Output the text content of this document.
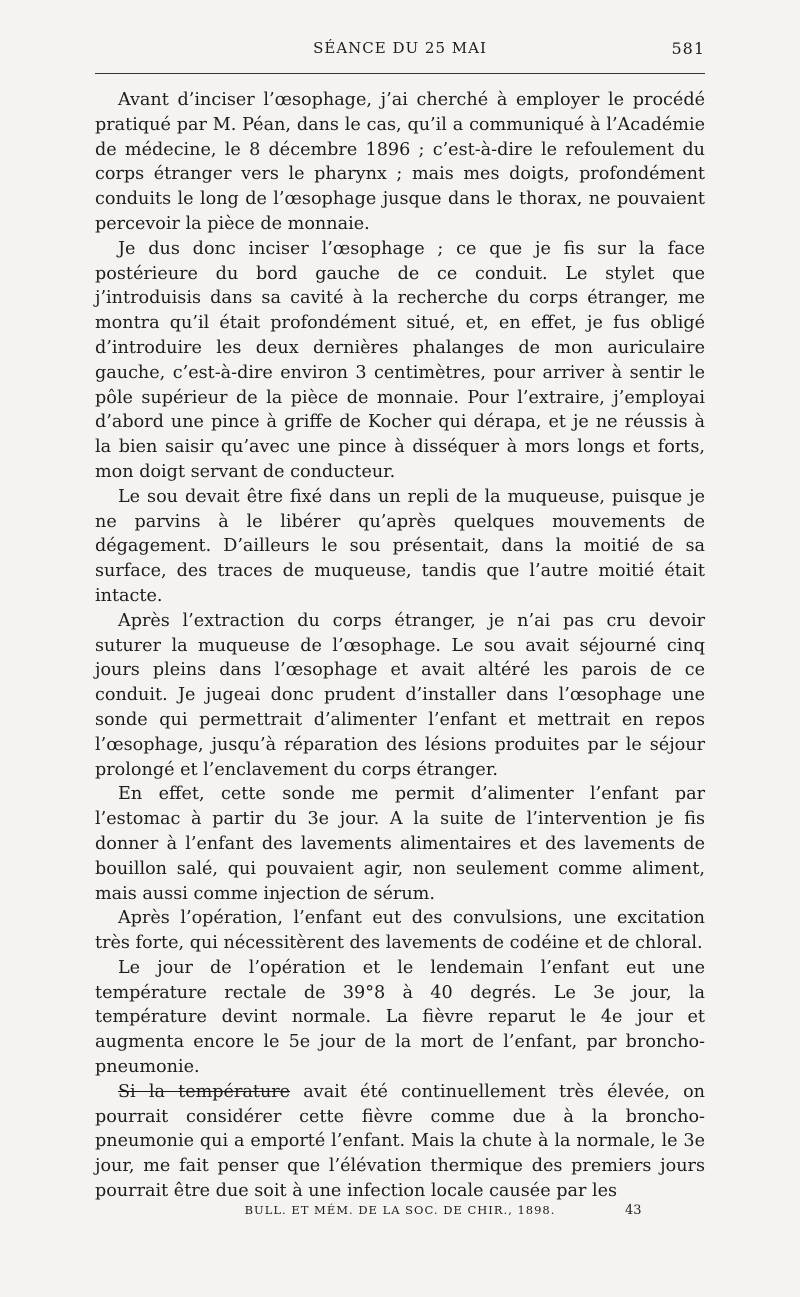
SÉANCE DU 25 MAI	581

Avant d’inciser l’œsophage, j’ai cherché à employer le procédé pratiqué par M. Péan, dans le cas, qu’il a communiqué à l’Académie de médecine, le 8 décembre 1896 ; c’est-à-dire le refoulement du corps étranger vers le pharynx ; mais mes doigts, profondément conduits le long de l’œsophage jusque dans le thorax, ne pouvaient percevoir la pièce de monnaie.

Je dus donc inciser l’œsophage ; ce que je fis sur la face postérieure du bord gauche de ce conduit. Le stylet que j’introduisis dans sa cavité à la recherche du corps étranger, me montra qu’il était profondément situé, et, en effet, je fus obligé d’introduire les deux dernières phalanges de mon auriculaire gauche, c’est-à-dire environ 3 centimètres, pour arriver à sentir le pôle supérieur de la pièce de monnaie. Pour l’extraire, j’employai d’abord une pince à griffe de Kocher qui dérapa, et je ne réussis à la bien saisir qu’avec une pince à disséquer à mors longs et forts, mon doigt servant de conducteur.

Le sou devait être fixé dans un repli de la muqueuse, puisque je ne parvins à le libérer qu’après quelques mouvements de dégagement. D’ailleurs le sou présentait, dans la moitié de sa surface, des traces de muqueuse, tandis que l’autre moitié était intacte.

Après l’extraction du corps étranger, je n’ai pas cru devoir suturer la muqueuse de l’œsophage. Le sou avait séjourné cinq jours pleins dans l’œsophage et avait altéré les parois de ce conduit. Je jugeai donc prudent d’installer dans l’œsophage une sonde qui permettrait d’alimenter l’enfant et mettrait en repos l’œsophage, jusqu’à réparation des lésions produites par le séjour prolongé et l’enclavement du corps étranger.

En effet, cette sonde me permit d’alimenter l’enfant par l’estomac à partir du 3e jour. A la suite de l’intervention je fis donner à l’enfant des lavements alimentaires et des lavements de bouillon salé, qui pouvaient agir, non seulement comme aliment, mais aussi comme injection de sérum.

Après l’opération, l’enfant eut des convulsions, une excitation très forte, qui nécessitèrent des lavements de codéine et de chloral.

Le jour de l’opération et le lendemain l’enfant eut une température rectale de 39°8 à 40 degrés. Le 3e jour, la température devint normale. La fièvre reparut le 4e jour et augmenta encore le 5e jour de la mort de l’enfant, par broncho-pneumonie.

Si la température avait été continuellement très élevée, on pourrait considérer cette fièvre comme due à la broncho-pneumonie qui a emporté l’enfant. Mais la chute à la normale, le 3e jour, me fait penser que l’élévation thermique des premiers jours pourrait être due soit à une infection locale causée par les

BULL. ET MÉM. DE LA SOC. DE CHIR., 1898.	43
